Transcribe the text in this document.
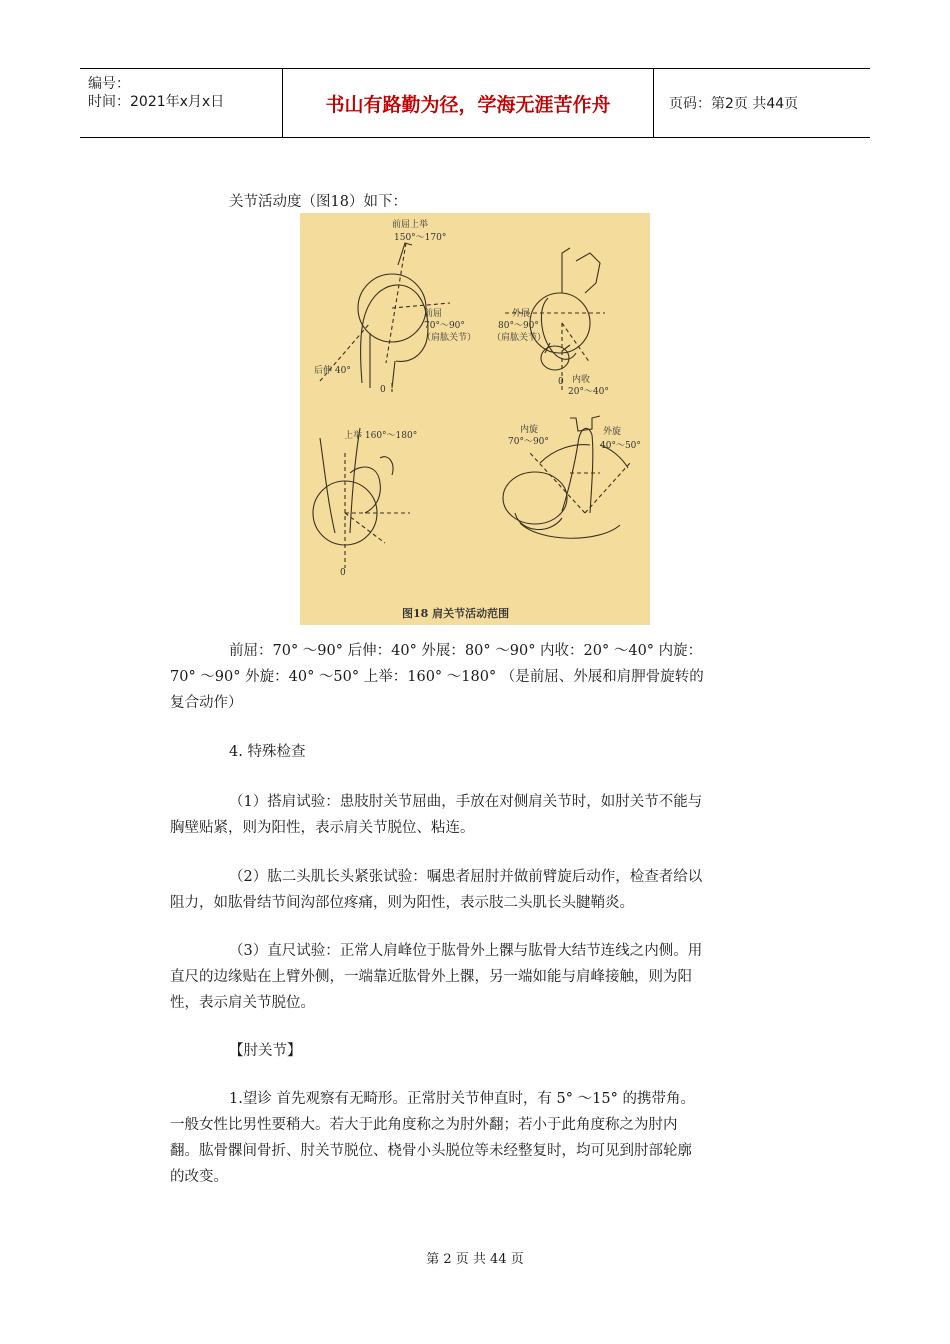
编号：
时间：2021年x月x日	书山有路勤为径，学海无涯苦作舟	页码：第2页 共44页
关节活动度（图18）如下：
前屈上举
150°～170°
前屈
70°～90°
（肩肱关节）
外展
80°～90°
（肩肱关节）
后伸 40°
0
0 内收
20°～40°
上举 160°～180°
0
内旋
70°～90°
外旋
40°～50°
图18 肩关节活动范围
前屈：70° ～90° 后伸：40° 外展：80° ～90° 内收：20° ～40° 内旋：
70° ～90° 外旋：40° ～50° 上举：160° ～180° （是前屈、外展和肩胛骨旋转的
复合动作）
4. 特殊检查
（1）搭肩试验：患肢肘关节屈曲，手放在对侧肩关节时，如肘关节不能与
胸壁贴紧，则为阳性，表示肩关节脱位、粘连。
（2）肱二头肌长头紧张试验：嘱患者屈肘并做前臂旋后动作，检查者给以
阻力，如肱骨结节间沟部位疼痛，则为阳性，表示肢二头肌长头腱鞘炎。
（3）直尺试验：正常人肩峰位于肱骨外上髁与肱骨大结节连线之内侧。用
直尺的边缘贴在上臂外侧，一端靠近肱骨外上髁，另一端如能与肩峰接触，则为阳
性，表示肩关节脱位。
【肘关节】
1.望诊 首先观察有无畸形。正常肘关节伸直时，有 5° ～15° 的携带角。
一般女性比男性要稍大。若大于此角度称之为肘外翻；若小于此角度称之为肘内
翻。肱骨髁间骨折、肘关节脱位、桡骨小头脱位等未经整复时，均可见到肘部轮廓
的改变。
第 2 页 共 44 页
